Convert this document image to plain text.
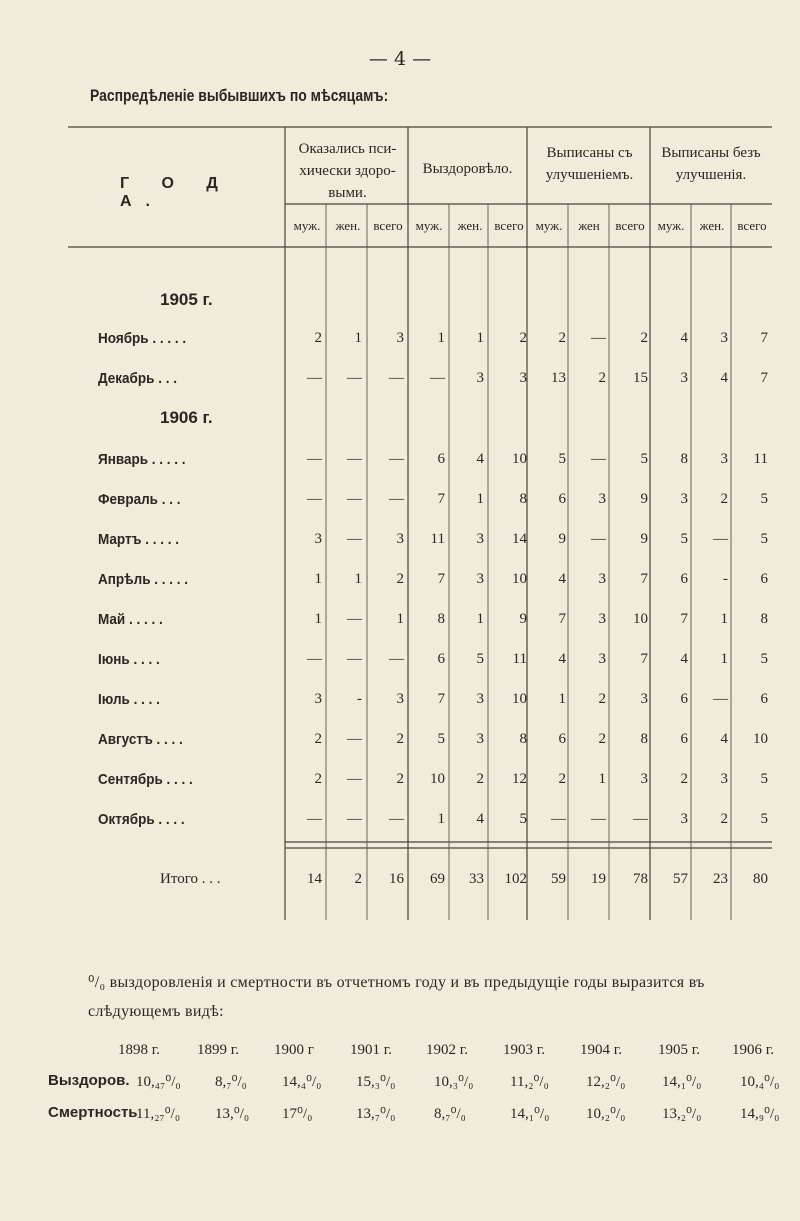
— 4 —
Распредѣленіе выбывшихъ по мѣсяцамъ:
Оказались пси- хически здоро- выми.
Выздоровѣло.
Выписаны съ улучшеніемъ.
Выписаны безъ улучшенія.
Г О Д А.
муж.	жен. всего муж.	жен. всего муж.	жен	всего муж.	жен. всего
1905 г.
1906 г.
Ноябрь . . . . .	2	1	3	1	1	2	2	—	2	4	3	7
Декабрь . . .	—	—	—	—	3	3	13	2	15	3	4	7
Январь . . . . .	—	—	—	6	4	10	5	—	5	8	3	11
Февраль . . .	—	—	—	7	1	8	6	3	9	3	2	5
Мартъ . . . . .	3	—	3	11	3	14	9	—	9	5	—	5
Апрѣль . . . . .	1	1	2	7	3	10	4	3	7	6	-	6
Май . . . . .	1	—	1	8	1	9	7	3	10	7	1	8
Іюнь . . . .	—	—	—	6	5	11	4	3	7	4	1	5
Іюль . . . .	3	-	3	7	3	10	1	2	3	6	—	6
Августъ . . . .	2	—	2	5	3	8	6	2	8	6	4	10
Сентябрь . . . .	2	—	2	10	2	12	2	1	3	2	3	5
Октябрь . . . .	—	—	—	1	4	5	—	—	—	3	2	5
Итого . . .	14	2	16	69	33	102	59	19	78	57	23	80
⁰/₀ выздоровленія и смертности въ отчетномъ году и въ предыдущіе годы выразится въ слѣдующемъ видѣ:
1898 г. 1899 г. 1900 г 1901 г. 1902 г. 1903 г. 1904 г. 1905 г. 1906 г.
Выздоров. 10,₄₇⁰/₀ 8,₇⁰/₀ 14,₄⁰/₀ 15,₃⁰/₀	10,₃⁰/₀ 11,₂⁰/₀ 12,₂⁰/₀ 14,₁⁰/₀	10,₄⁰/₀
Смертность
11,₂₇⁰/₀ 13,⁰/₀ 17⁰/₀	13,₇⁰/₀	8,₇⁰/₀	14,₁⁰/₀ 10,₂⁰/₀ 13,₂⁰/₀	14,₉⁰/₀
